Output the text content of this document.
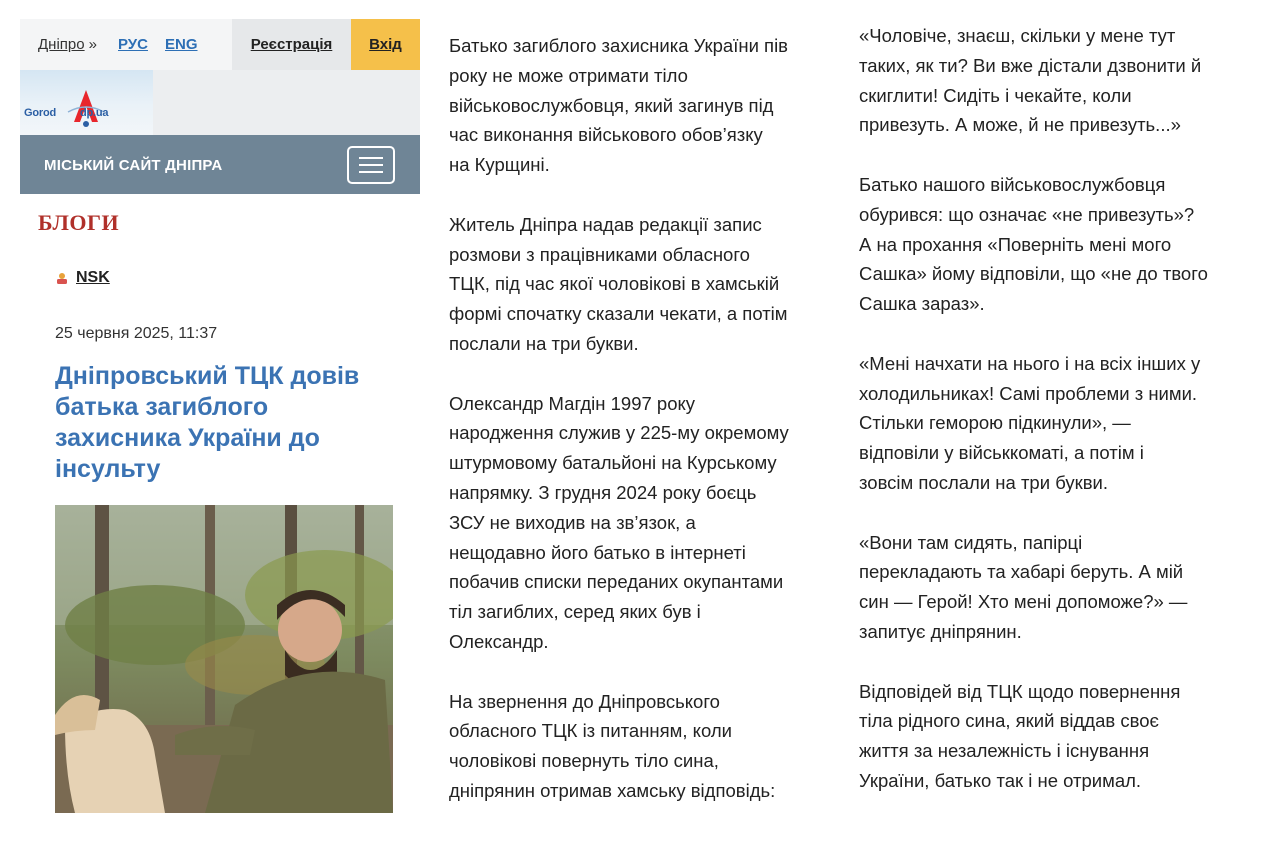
Дніпро » РУС ENG	Реєстрація	Вхід
Gorod dp.ua
МІСЬКИЙ САЙТ ДНІПРА
БЛОГИ
NSK
25 червня 2025, 11:37
Дніпровський ТЦК довів
батька загиблого
захисника України до
інсульту

Батько загиблого захисника України пів
року не може отримати тіло
військовослужбовця, який загинув під
час виконання військового обов’язку
на Курщині.

Житель Дніпра надав редакції запис
розмови з працівниками обласного
ТЦК, під час якої чоловікові в хамській
формі спочатку сказали чекати, а потім
послали на три букви.

Олександр Магдін 1997 року
народження служив у 225-му окремому
штурмовому батальйоні на Курському
напрямку. З грудня 2024 року боєць
ЗСУ не виходив на зв’язок, а
нещодавно його батько в інтернеті
побачив списки переданих окупантами
тіл загиблих, серед яких був і
Олександр.

На звернення до Дніпровського
обласного ТЦК із питанням, коли
чоловікові повернуть тіло сина,
дніпрянин отримав хамську відповідь:

«Чоловіче, знаєш, скільки у мене тут
таких, як ти? Ви вже дістали дзвонити й
скиглити! Сидіть і чекайте, коли
привезуть. А може, й не привезуть...»

Батько нашого військовослужбовця
обурився: що означає «не привезуть»?
А на прохання «Поверніть мені мого
Сашка» йому відповіли, що «не до твого
Сашка зараз».

«Мені начхати на нього і на всіх інших у
холодильниках! Самі проблеми з ними.
Стільки геморою підкинули», —
відповіли у військкоматі, а потім і
зовсім послали на три букви.

«Вони там сидять, папірці
перекладають та хабарі беруть. А мій
син — Герой! Хто мені допоможе?» —
запитує дніпрянин.

Відповідей від ТЦК щодо повернення
тіла рідного сина, який віддав своє
життя за незалежність і існування
України, батько так і не отримал.
